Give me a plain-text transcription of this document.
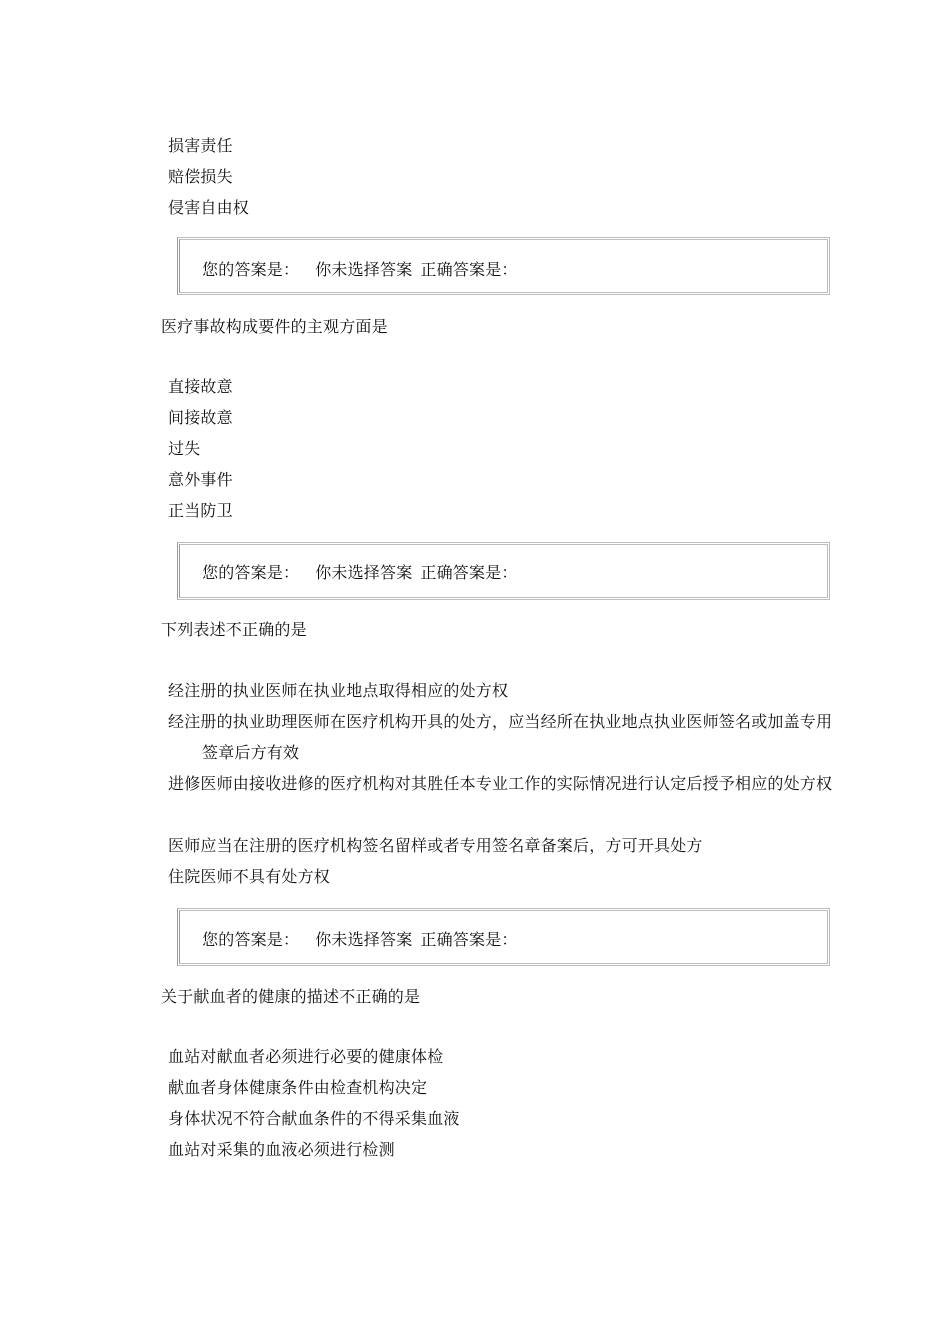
损害责任

赔偿损失

侵害自由权

您的答案是： 你未选择答案 正确答案是：

医疗事故构成要件的主观方面是

直接故意

间接故意

过失

意外事件

正当防卫

您的答案是： 你未选择答案 正确答案是：

下列表述不正确的是

经注册的执业医师在执业地点取得相应的处方权

经注册的执业助理医师在医疗机构开具的处方，应当经所在执业地点执业医师签名或加盖专用签章后方有效

进修医师由接收进修的医疗机构对其胜任本专业工作的实际情况进行认定后授予相应的处方权

医师应当在注册的医疗机构签名留样或者专用签名章备案后，方可开具处方

住院医师不具有处方权

您的答案是： 你未选择答案 正确答案是：

关于献血者的健康的描述不正确的是

血站对献血者必须进行必要的健康体检

献血者身体健康条件由检查机构决定

身体状况不符合献血条件的不得采集血液

血站对采集的血液必须进行检测
